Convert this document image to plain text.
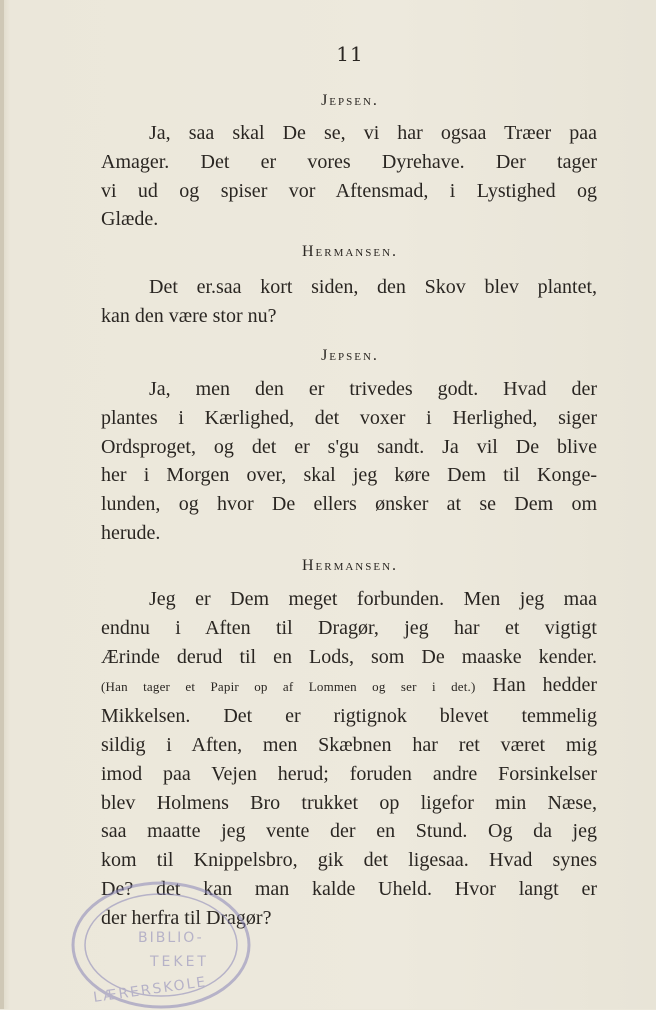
11
Jepsen.
Ja, saa skal De se, vi har ogsaa Træer paa
Amager. Det er vores Dyrehave. Der tager
vi ud og spiser vor Aftensmad, i Lystighed og
Glæde.
Hermansen.
Det er.saa kort siden, den Skov blev plantet,
kan den være stor nu?
Jepsen.
Ja, men den er trivedes godt. Hvad der
plantes i Kærlighed, det voxer i Herlighed, siger
Ordsproget, og det er s'gu sandt. Ja vil De blive
her i Morgen over, skal jeg køre Dem til Konge-
lunden, og hvor De ellers ønsker at se Dem om
herude.
Hermansen.
Jeg er Dem meget forbunden. Men jeg maa
endnu i Aften til Dragør, jeg har et vigtigt
Ærinde derud til en Lods, som De maaske kender.
(Han tager et Papir op af Lommen og ser i det.) Han hedder
Mikkelsen. Det er rigtignok blevet temmelig
sildig i Aften, men Skæbnen har ret været mig
imod paa Vejen herud; foruden andre Forsinkelser
blev Holmens Bro trukket op ligefor min Næse,
saa maatte jeg vente der en Stund. Og da jeg
kom til Knippelsbro, gik det ligesaa. Hvad synes
De? det kan man kalde Uheld. Hvor langt er
der herfra til Dragør?
BIBLIO-
TEKET
LÆRERSKOLE
